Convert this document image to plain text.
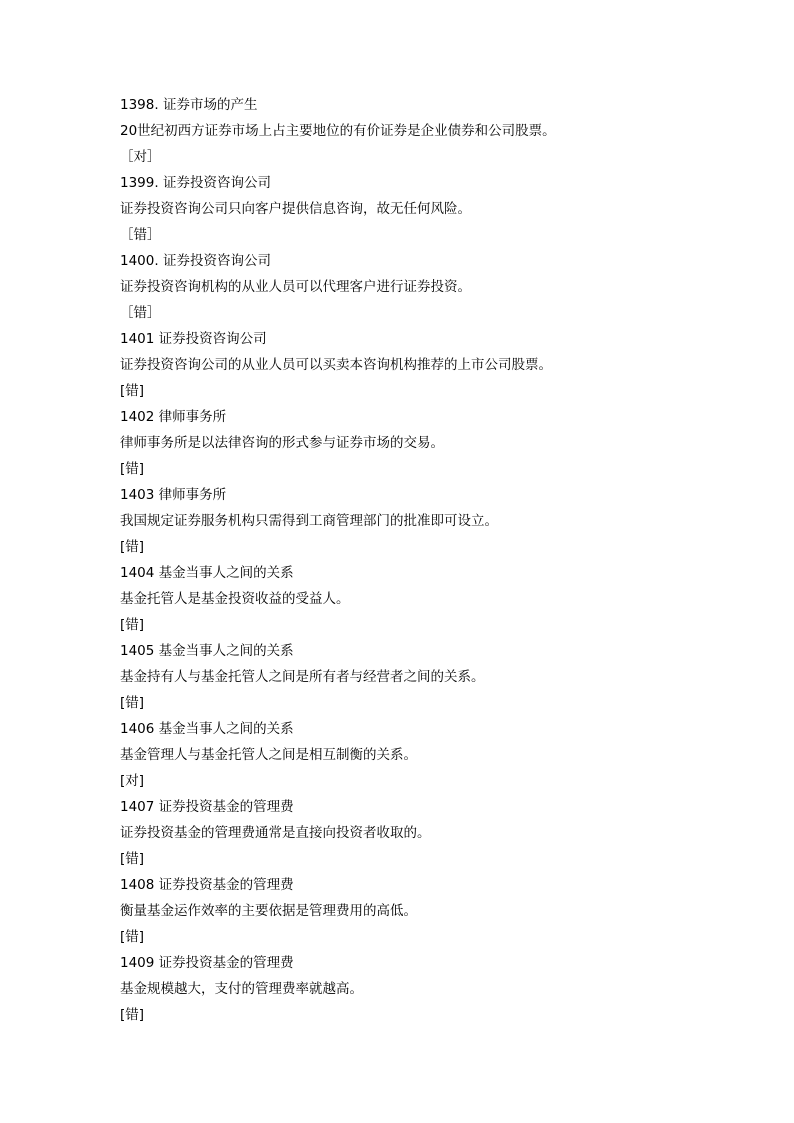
1398. 证券市场的产生
20世纪初西方证券市场上占主要地位的有价证券是企业债券和公司股票。
［对］
1399. 证券投资咨询公司
证券投资咨询公司只向客户提供信息咨询，故无任何风险。
［错］
1400. 证券投资咨询公司
证券投资咨询机构的从业人员可以代理客户进行证券投资。
［错］
1401 证券投资咨询公司
证券投资咨询公司的从业人员可以买卖本咨询机构推荐的上市公司股票。
[错]
1402 律师事务所
律师事务所是以法律咨询的形式参与证券市场的交易。
[错]
1403 律师事务所
我国规定证券服务机构只需得到工商管理部门的批准即可设立。
[错]
1404 基金当事人之间的关系
基金托管人是基金投资收益的受益人。
[错]
1405 基金当事人之间的关系
基金持有人与基金托管人之间是所有者与经营者之间的关系。
[错]
1406 基金当事人之间的关系
基金管理人与基金托管人之间是相互制衡的关系。
[对]
1407 证券投资基金的管理费
证券投资基金的管理费通常是直接向投资者收取的。
[错]
1408 证券投资基金的管理费
衡量基金运作效率的主要依据是管理费用的高低。
[错]
1409 证券投资基金的管理费
基金规模越大，支付的管理费率就越高。
[错]
